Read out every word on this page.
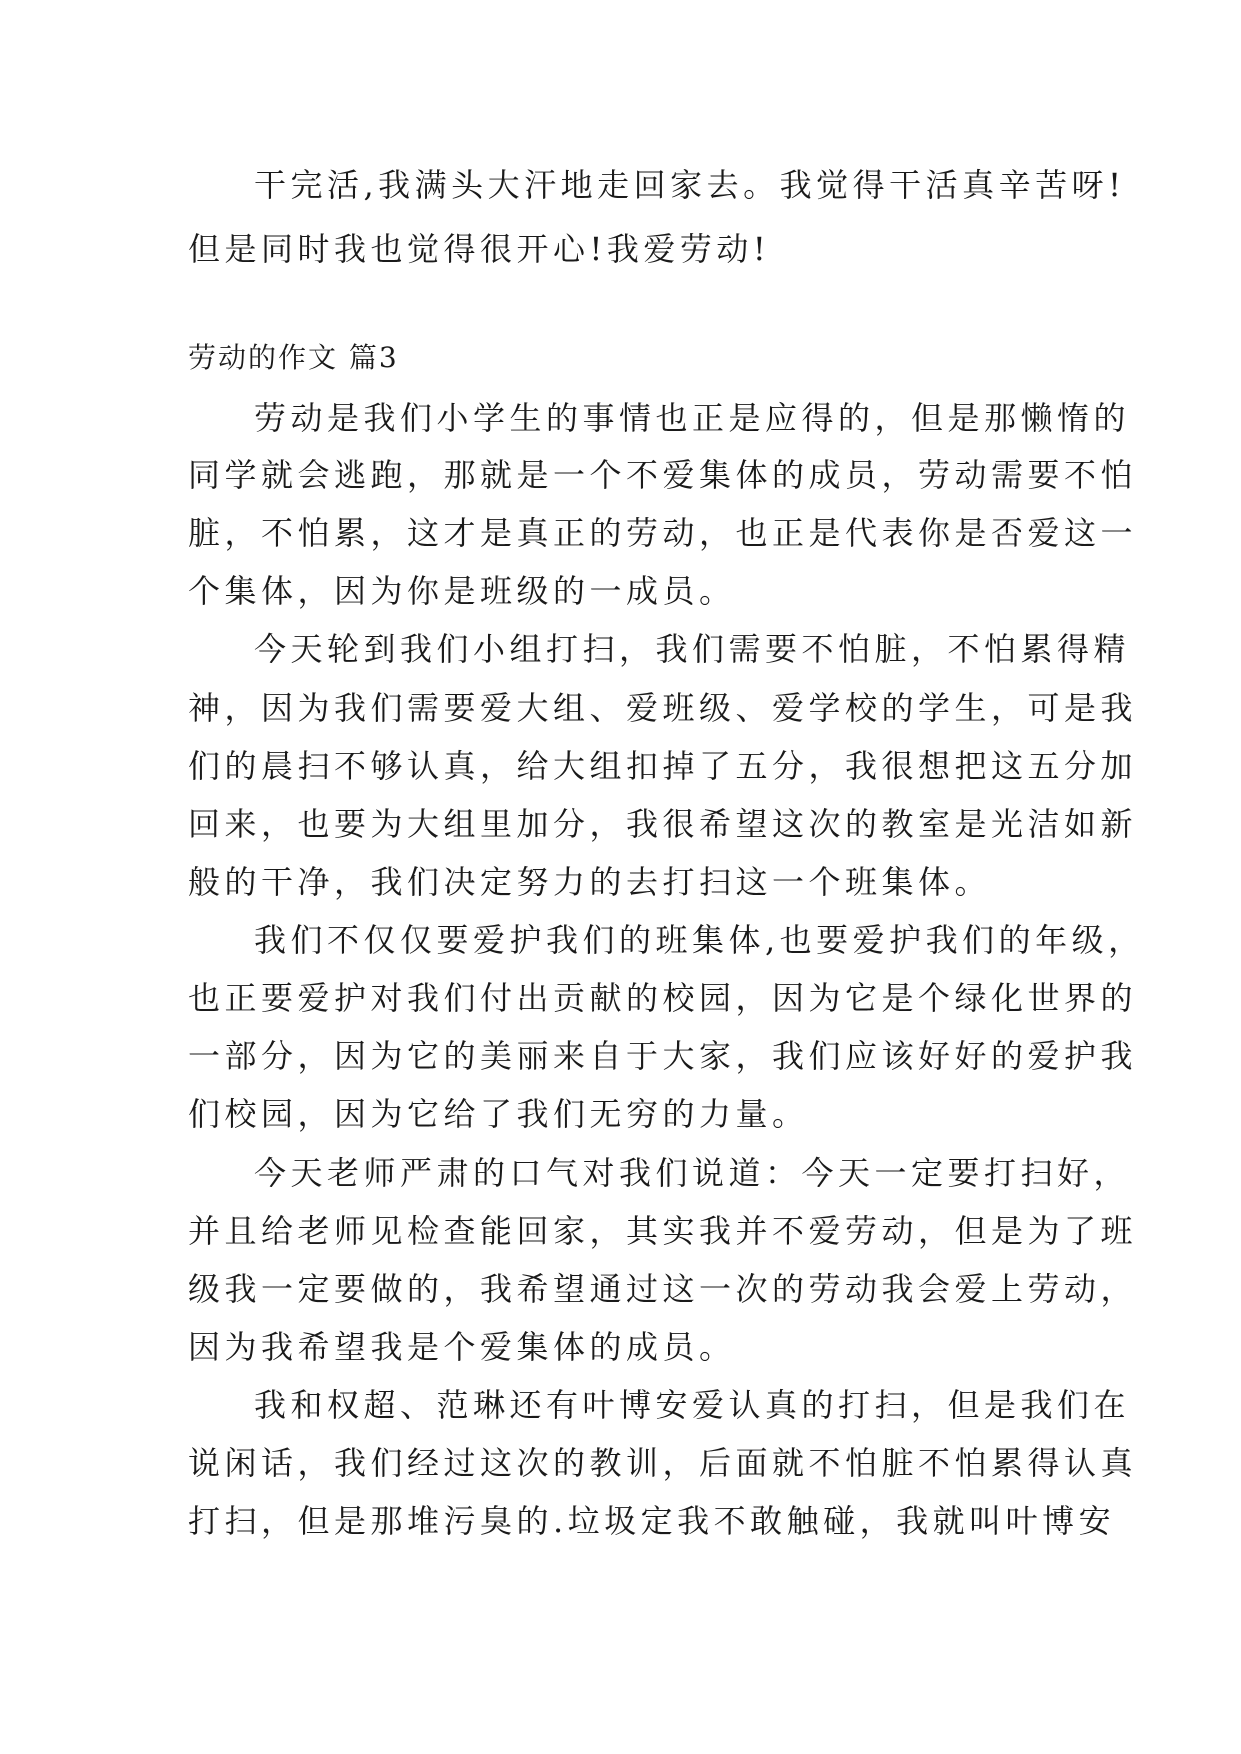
干完活,我满头大汗地走回家去。我觉得干活真辛苦呀!
但是同时我也觉得很开心!我爱劳动!
劳动的作文 篇3
劳动是我们小学生的事情也正是应得的，但是那懒惰的
同学就会逃跑，那就是一个不爱集体的成员，劳动需要不怕
脏，不怕累，这才是真正的劳动，也正是代表你是否爱这一
个集体，因为你是班级的一成员。
今天轮到我们小组打扫，我们需要不怕脏，不怕累得精
神，因为我们需要爱大组、爱班级、爱学校的学生，可是我
们的晨扫不够认真，给大组扣掉了五分，我很想把这五分加
回来，也要为大组里加分，我很希望这次的教室是光洁如新
般的干净，我们决定努力的去打扫这一个班集体。
我们不仅仅要爱护我们的班集体,也要爱护我们的年级，
也正要爱护对我们付出贡献的校园，因为它是个绿化世界的
一部分，因为它的美丽来自于大家，我们应该好好的爱护我
们校园，因为它给了我们无穷的力量。
今天老师严肃的口气对我们说道：今天一定要打扫好，
并且给老师见检查能回家，其实我并不爱劳动，但是为了班
级我一定要做的，我希望通过这一次的劳动我会爱上劳动，
因为我希望我是个爱集体的成员。
我和权超、范琳还有叶博安爱认真的打扫，但是我们在
说闲话，我们经过这次的教训，后面就不怕脏不怕累得认真
打扫，但是那堆污臭的.垃圾定我不敢触碰，我就叫叶博安
